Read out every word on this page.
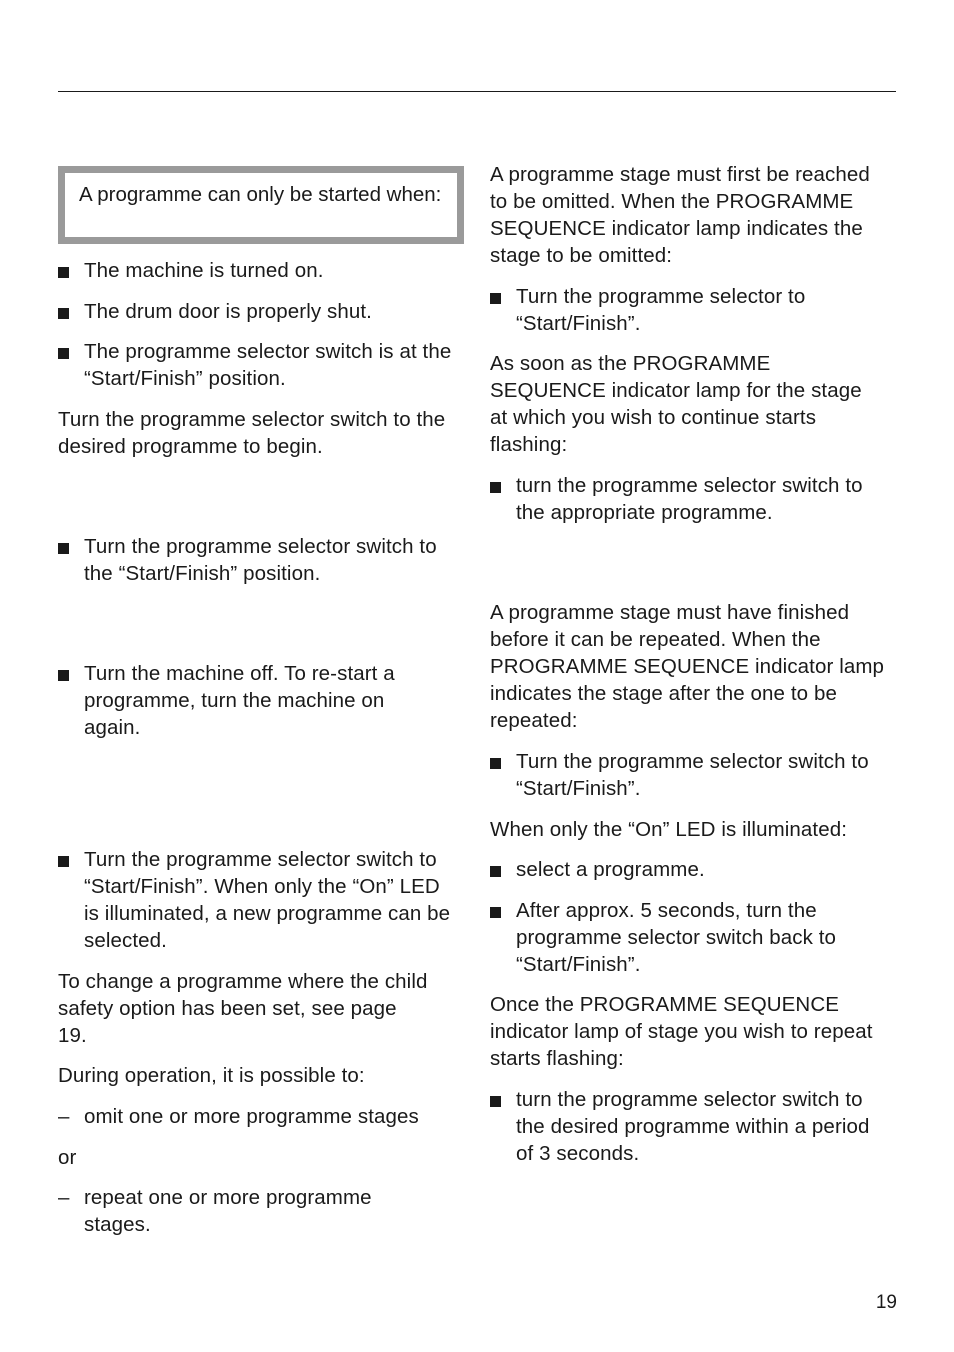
A programme can only be started when:
The machine is turned on.
The drum door is properly shut.
The programme selector switch is at the “Start/Finish” position.
Turn the programme selector switch to the desired programme to begin.
Turn the programme selector switch to the “Start/Finish” position.
Turn the machine off. To re-start a programme, turn the machine on again.
Turn the programme selector switch to “Start/Finish”. When only the “On” LED is illuminated, a new programme can be selected.
To change a programme where the child safety option has been set, see page 19.
During operation, it is possible to:
– omit one or more programme stages
or
– repeat one or more programme stages.
A programme stage must first be reached to be omitted. When the PROGRAMME SEQUENCE indicator lamp indicates the stage to be omitted:
Turn the programme selector to “Start/Finish”.
As soon as the PROGRAMME SEQUENCE indicator lamp for the stage at which you wish to continue starts flashing:
turn the programme selector switch to the appropriate programme.
A programme stage must have finished before it can be repeated. When the PROGRAMME SEQUENCE indicator lamp indicates the stage after the one to be repeated:
Turn the programme selector switch to “Start/Finish”.
When only the “On” LED is illuminated:
select a programme.
After approx. 5 seconds, turn the programme selector switch back to “Start/Finish”.
Once the PROGRAMME SEQUENCE indicator lamp of stage you wish to repeat starts flashing:
turn the programme selector switch to the desired programme within a period of 3 seconds.
19
